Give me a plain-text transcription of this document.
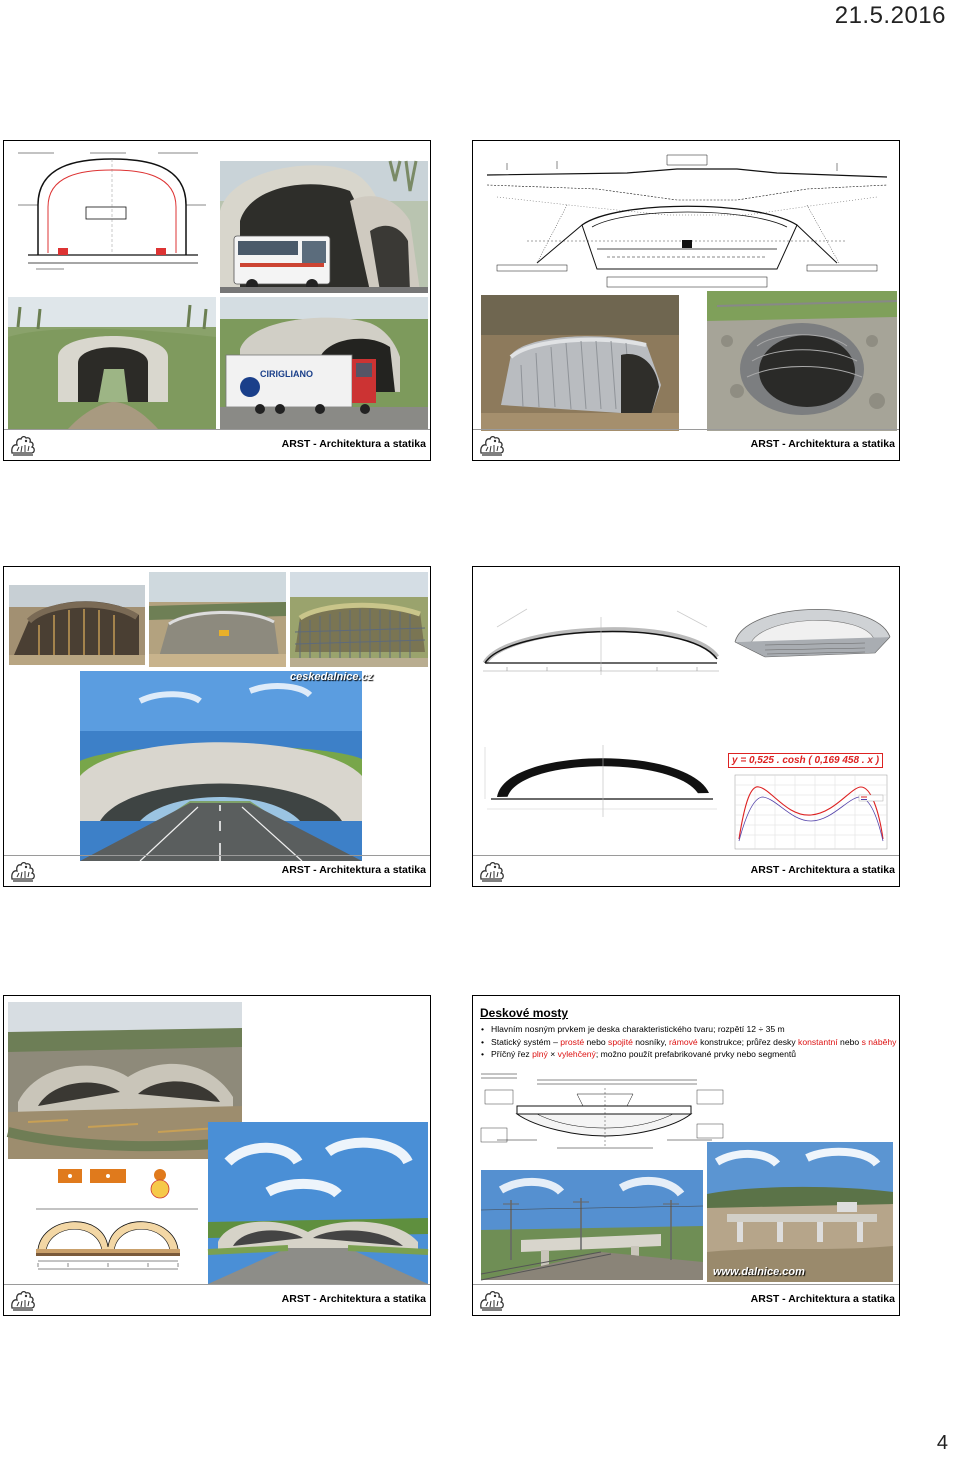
21.5.2016
CIRIGLIANO
ARST - Architektura a statika	ARST - Architektura a statika
ceskedalnice.cz
ARST - Architektura a statika
y = 0,525 . cosh ( 0,169 458 . x )
ARST - Architektura a statika
ARST - Architektura a statika
Deskové mosty
• Hlavním nosným prvkem je deska charakteristického tvaru; rozpětí 12 ÷ 35 m
• Statický systém – prosté nebo spojité nosníky, rámové konstrukce; průřez desky konstantní nebo s náběhy
• Příčný řez plný × vylehčený; možno použít prefabrikované prvky nebo segmentů
www.dalnice.com
ARST - Architektura a statika
4
